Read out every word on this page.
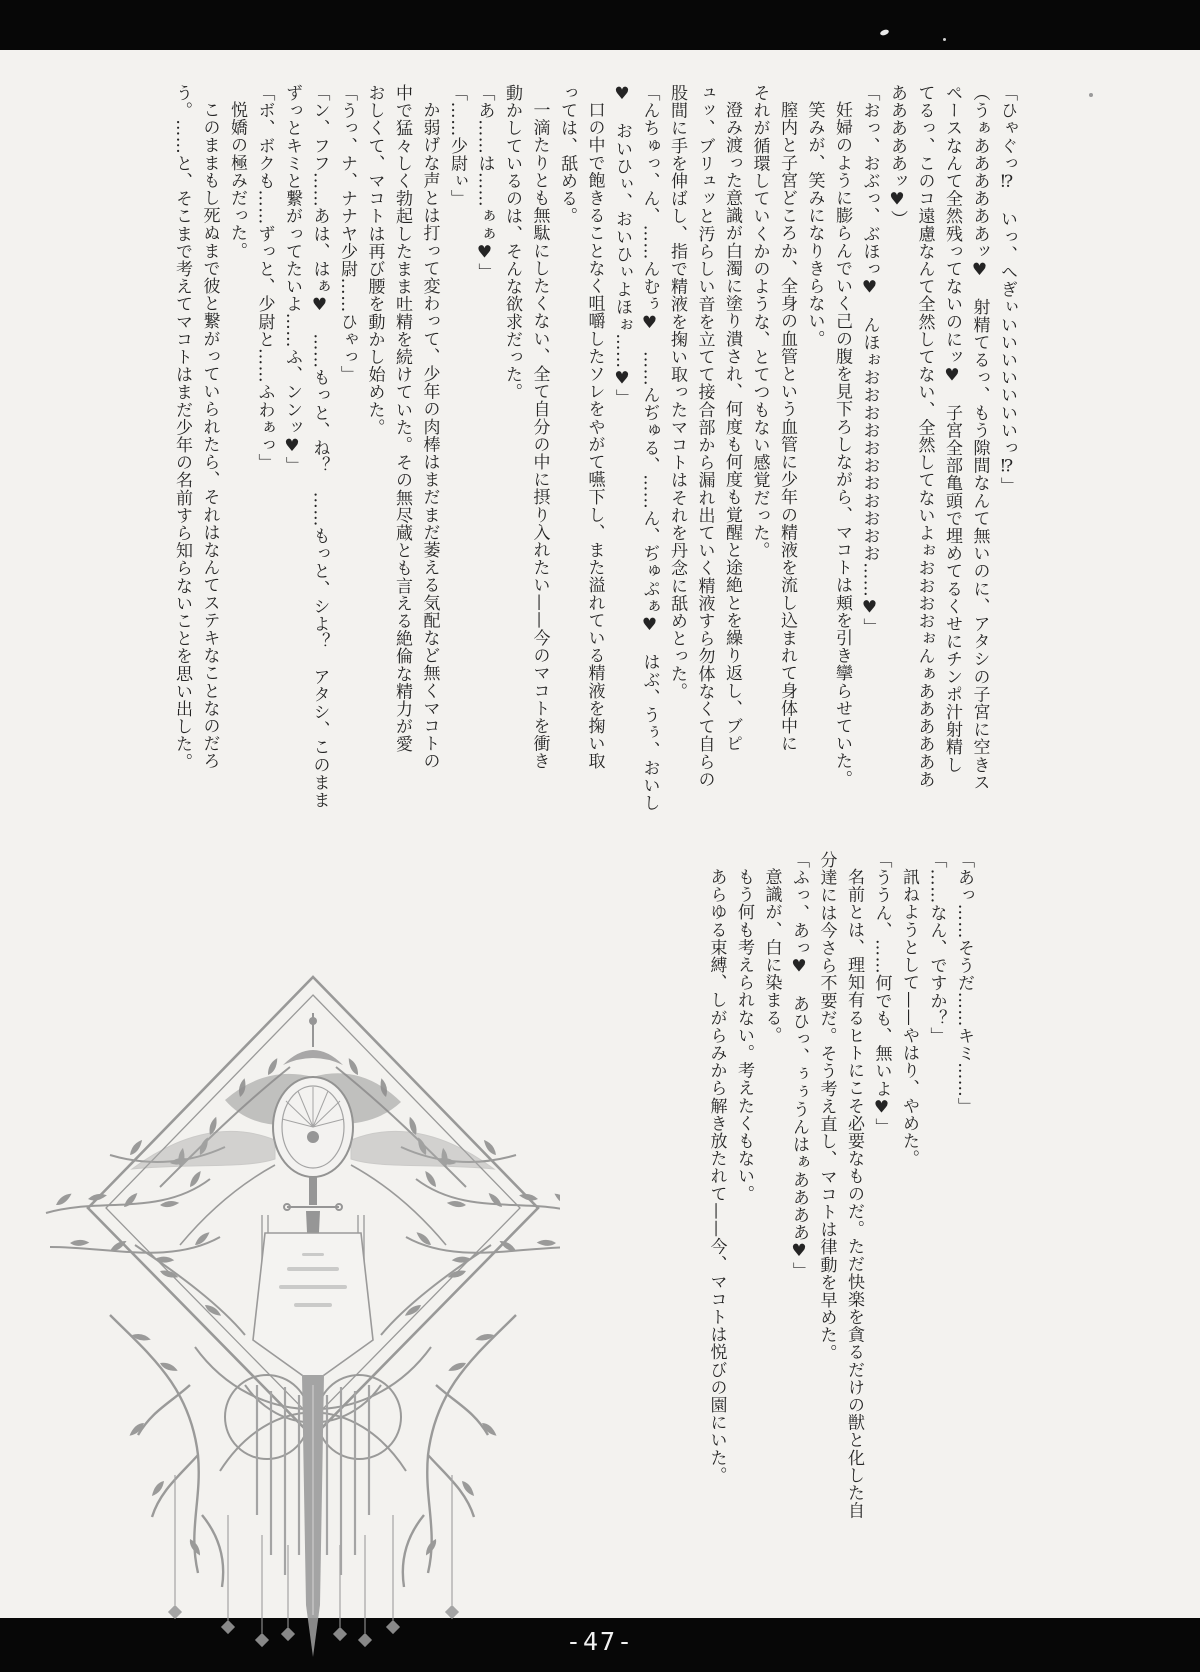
「ひゃぐっ⁉　いっ、へぎぃいいいいいいいっ⁉」

（うぁああああああッ♥　射精てるっ、もう隙間なんて無いのに、アタシの子宮に空きス

ペースなんて全然残ってないのにッ♥　子宮全部亀頭で埋めてるくせにチンポ汁射精し

てるっ、このコ遠慮なんて全然してない、全然してないよぉおおおおぉんぁああああああ

あああああッ♥）

「おっ、おぶっ、ぶほっ♥　んほぉおおおおおおおおおおお……♥」

妊婦のように膨らんでいく己の腹を見下ろしながら、マコトは頬を引き攣らせていた。

笑みが、笑みになりきらない。

膣内と子宮どころか、全身の血管という血管に少年の精液を流し込まれて身体中に

それが循環していくかのような、とてつもない感覚だった。

澄み渡った意識が白濁に塗り潰され、何度も何度も覚醒と途絶とを繰り返し、ブピ

ュッ、ブリュッと汚らしい音を立てて接合部から漏れ出ていく精液すら勿体なくて自らの

股間に手を伸ばし、指で精液を掬い取ったマコトはそれを丹念に舐めとった。

「んちゅっ、ん、……んむぅ♥　……んぢゅる、……ん、ぢゅぷぁ♥　はぶ、うぅ、おいし

♥　おいひぃ、おいひぃよほぉ……♥」

口の中で飽きることなく咀嚼したソレをやがて嚥下し、また溢れている精液を掬い取

っては、舐める。

一滴たりとも無駄にしたくない、全て自分の中に摂り入れたい——今のマコトを衝き

動かしているのは、そんな欲求だった。

「あ……は……ぁぁ♥」

「……少尉ぃ」

か弱げな声とは打って変わって、少年の肉棒はまだまだ萎える気配など無くマコトの

中で猛々しく勃起したまま吐精を続けていた。その無尽蔵とも言える絶倫な精力が愛

おしくて、マコトは再び腰を動かし始めた。

「うっ、ナ、ナナヤ少尉……ひゃっ」

「ン、フフ……あは、はぁ♥　……もっと、ね？　……もっと、シよ？　アタシ、このまま

ずっとキミと繋がってたいよ……ふ、ンンッ♥」

「ボ、ボクも……ずっと、少尉と……ふわぁっ」

悦嬌の極みだった。

このままもし死ぬまで彼と繋がっていられたら、それはなんてステキなことなのだろ

う。……と、そこまで考えてマコトはまだ少年の名前すら知らないことを思い出した。

「あっ……そうだ……キミ……」

「……なん、ですか？」

訊ねようとして——やはり、やめた。

「ううん、……何でも、無いよ♥」

名前とは、理知有るヒトにこそ必要なものだ。ただ快楽を貪るだけの獣と化した自

分達には今さら不要だ。そう考え直し、マコトは律動を早めた。

「ふっ、あっ♥　あひっ、ぅぅうんはぁああああ♥」

意識が、白に染まる。

もう何も考えられない。考えたくもない。

あらゆる束縛、しがらみから解き放たれて——今、マコトは悦びの園にいた。

-47-
